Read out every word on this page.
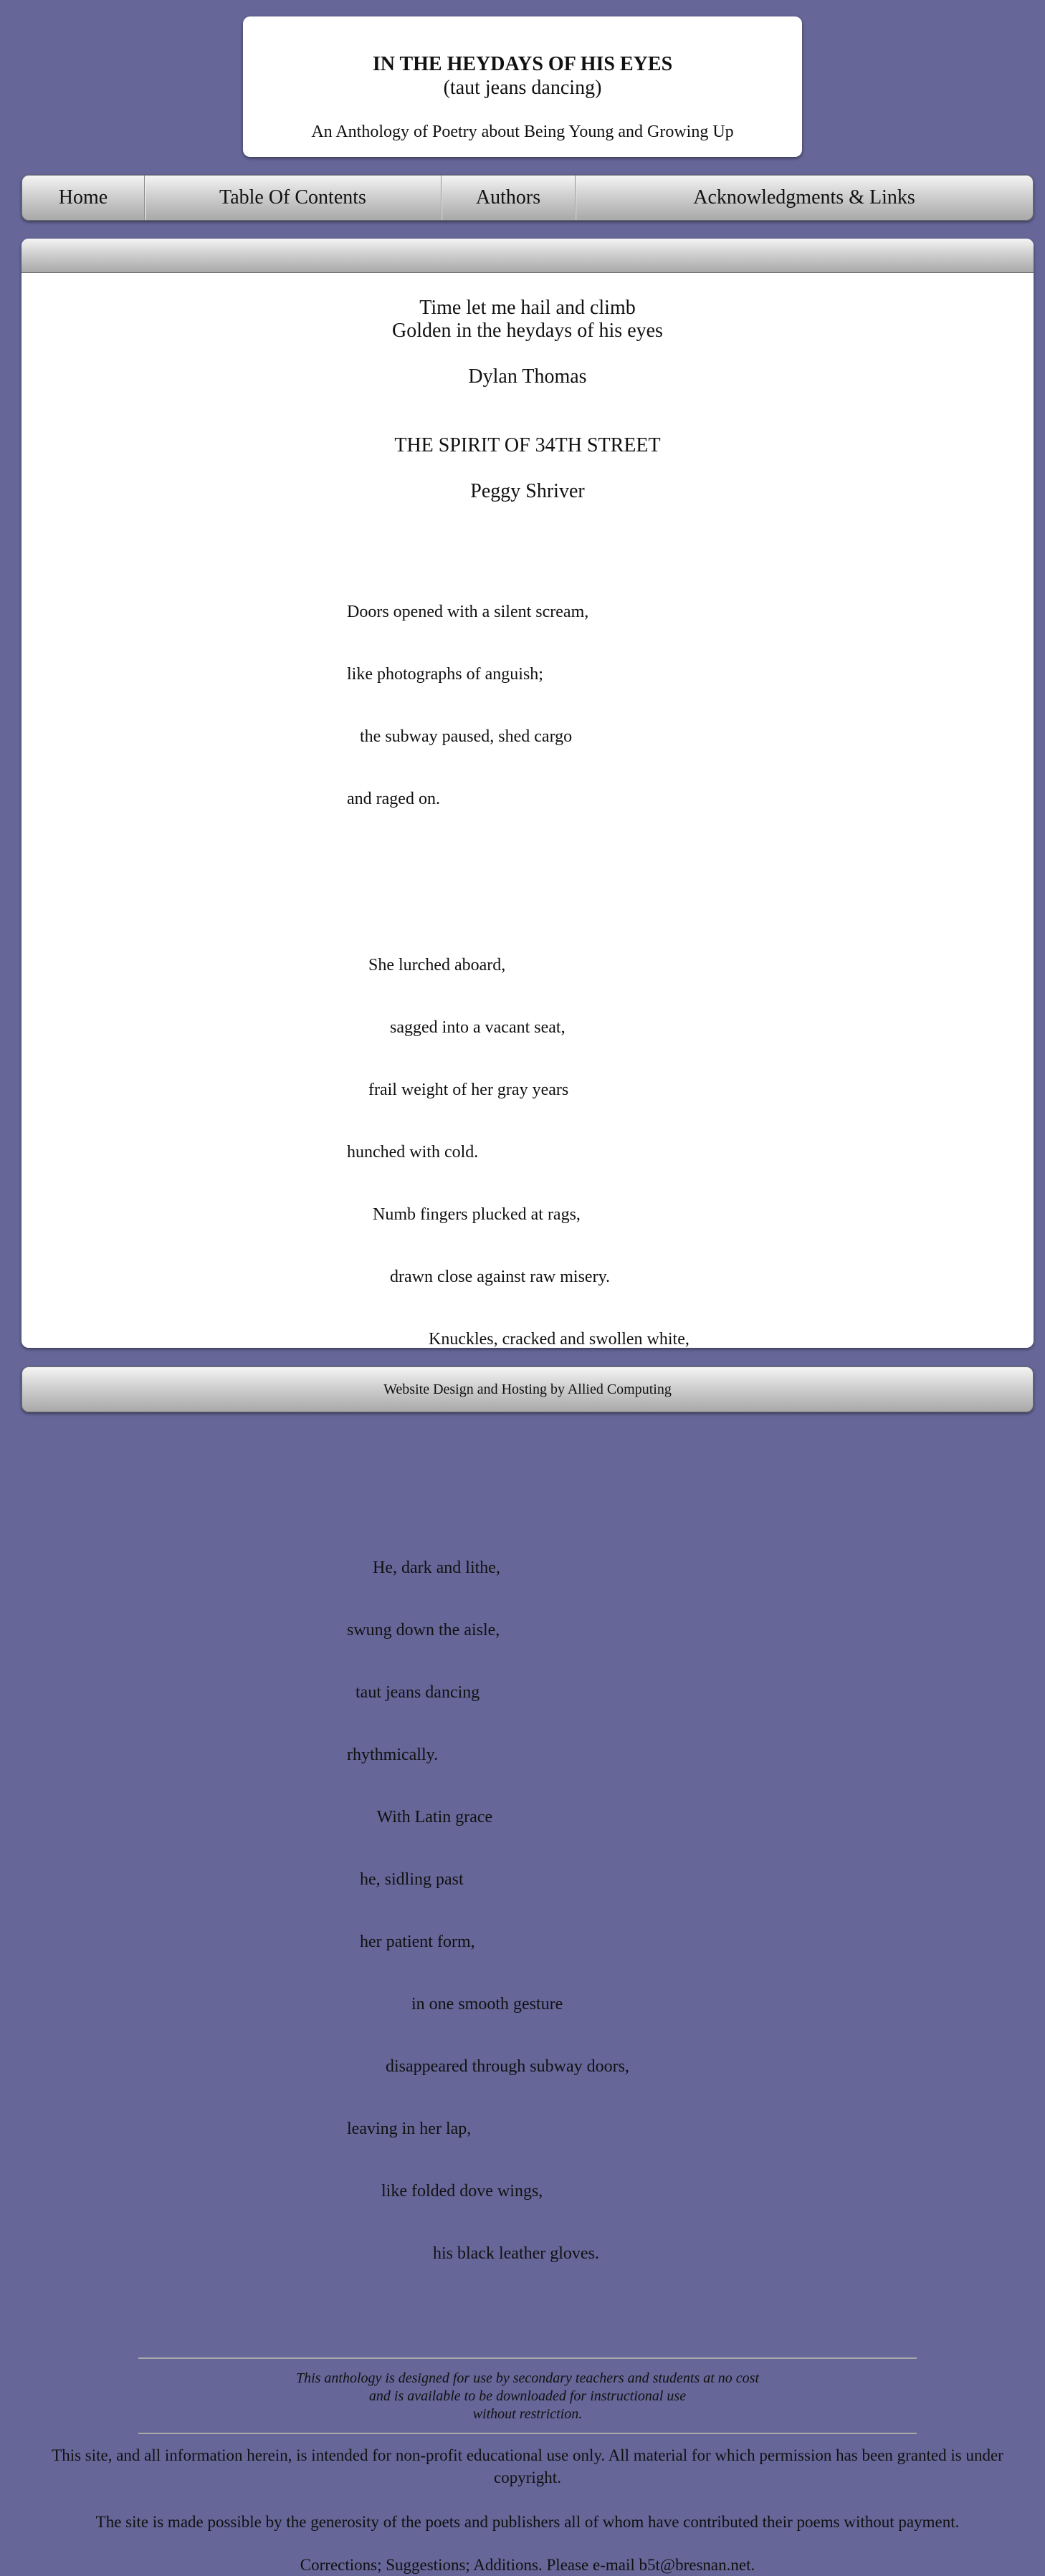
IN THE HEYDAYS OF HIS EYES
(taut jeans dancing)
An Anthology of Poetry about Being Young and Growing Up
Home	Table Of Contents	Authors	Acknowledgments & Links
Time let me hail and climb
Golden in the heydays of his eyes
Dylan Thomas
THE SPIRIT OF 34TH STREET
Peggy Shriver

Doors opened with a silent scream,

like photographs of anguish;

the subway paused, shed cargo

and raged on.

She lurched aboard,

sagged into a vacant seat,

frail weight of her gray years

hunched with cold.

Numb fingers plucked at rags,

drawn close against raw misery.

Knuckles, cracked and swollen white,

He, dark and lithe,

swung down the aisle,

taut jeans dancing

rhythmically.

With Latin grace

he, sidling past

her patient form,

in one smooth gesture

disappeared through subway doors,

leaving in her lap,

like folded dove wings,

his black leather gloves.

This anthology is designed for use by secondary teachers and students at no cost
and is available to be downloaded for instructional use
without restriction.
This site, and all information herein, is intended for non-profit educational use only. All material for which permission has been granted is under copyright.
The site is made possible by the generosity of the poets and publishers all of whom have contributed their poems without payment.
Corrections; Suggestions; Additions. Please e-mail b5t@bresnan.net.
Website Design and Hosting by Allied Computing
